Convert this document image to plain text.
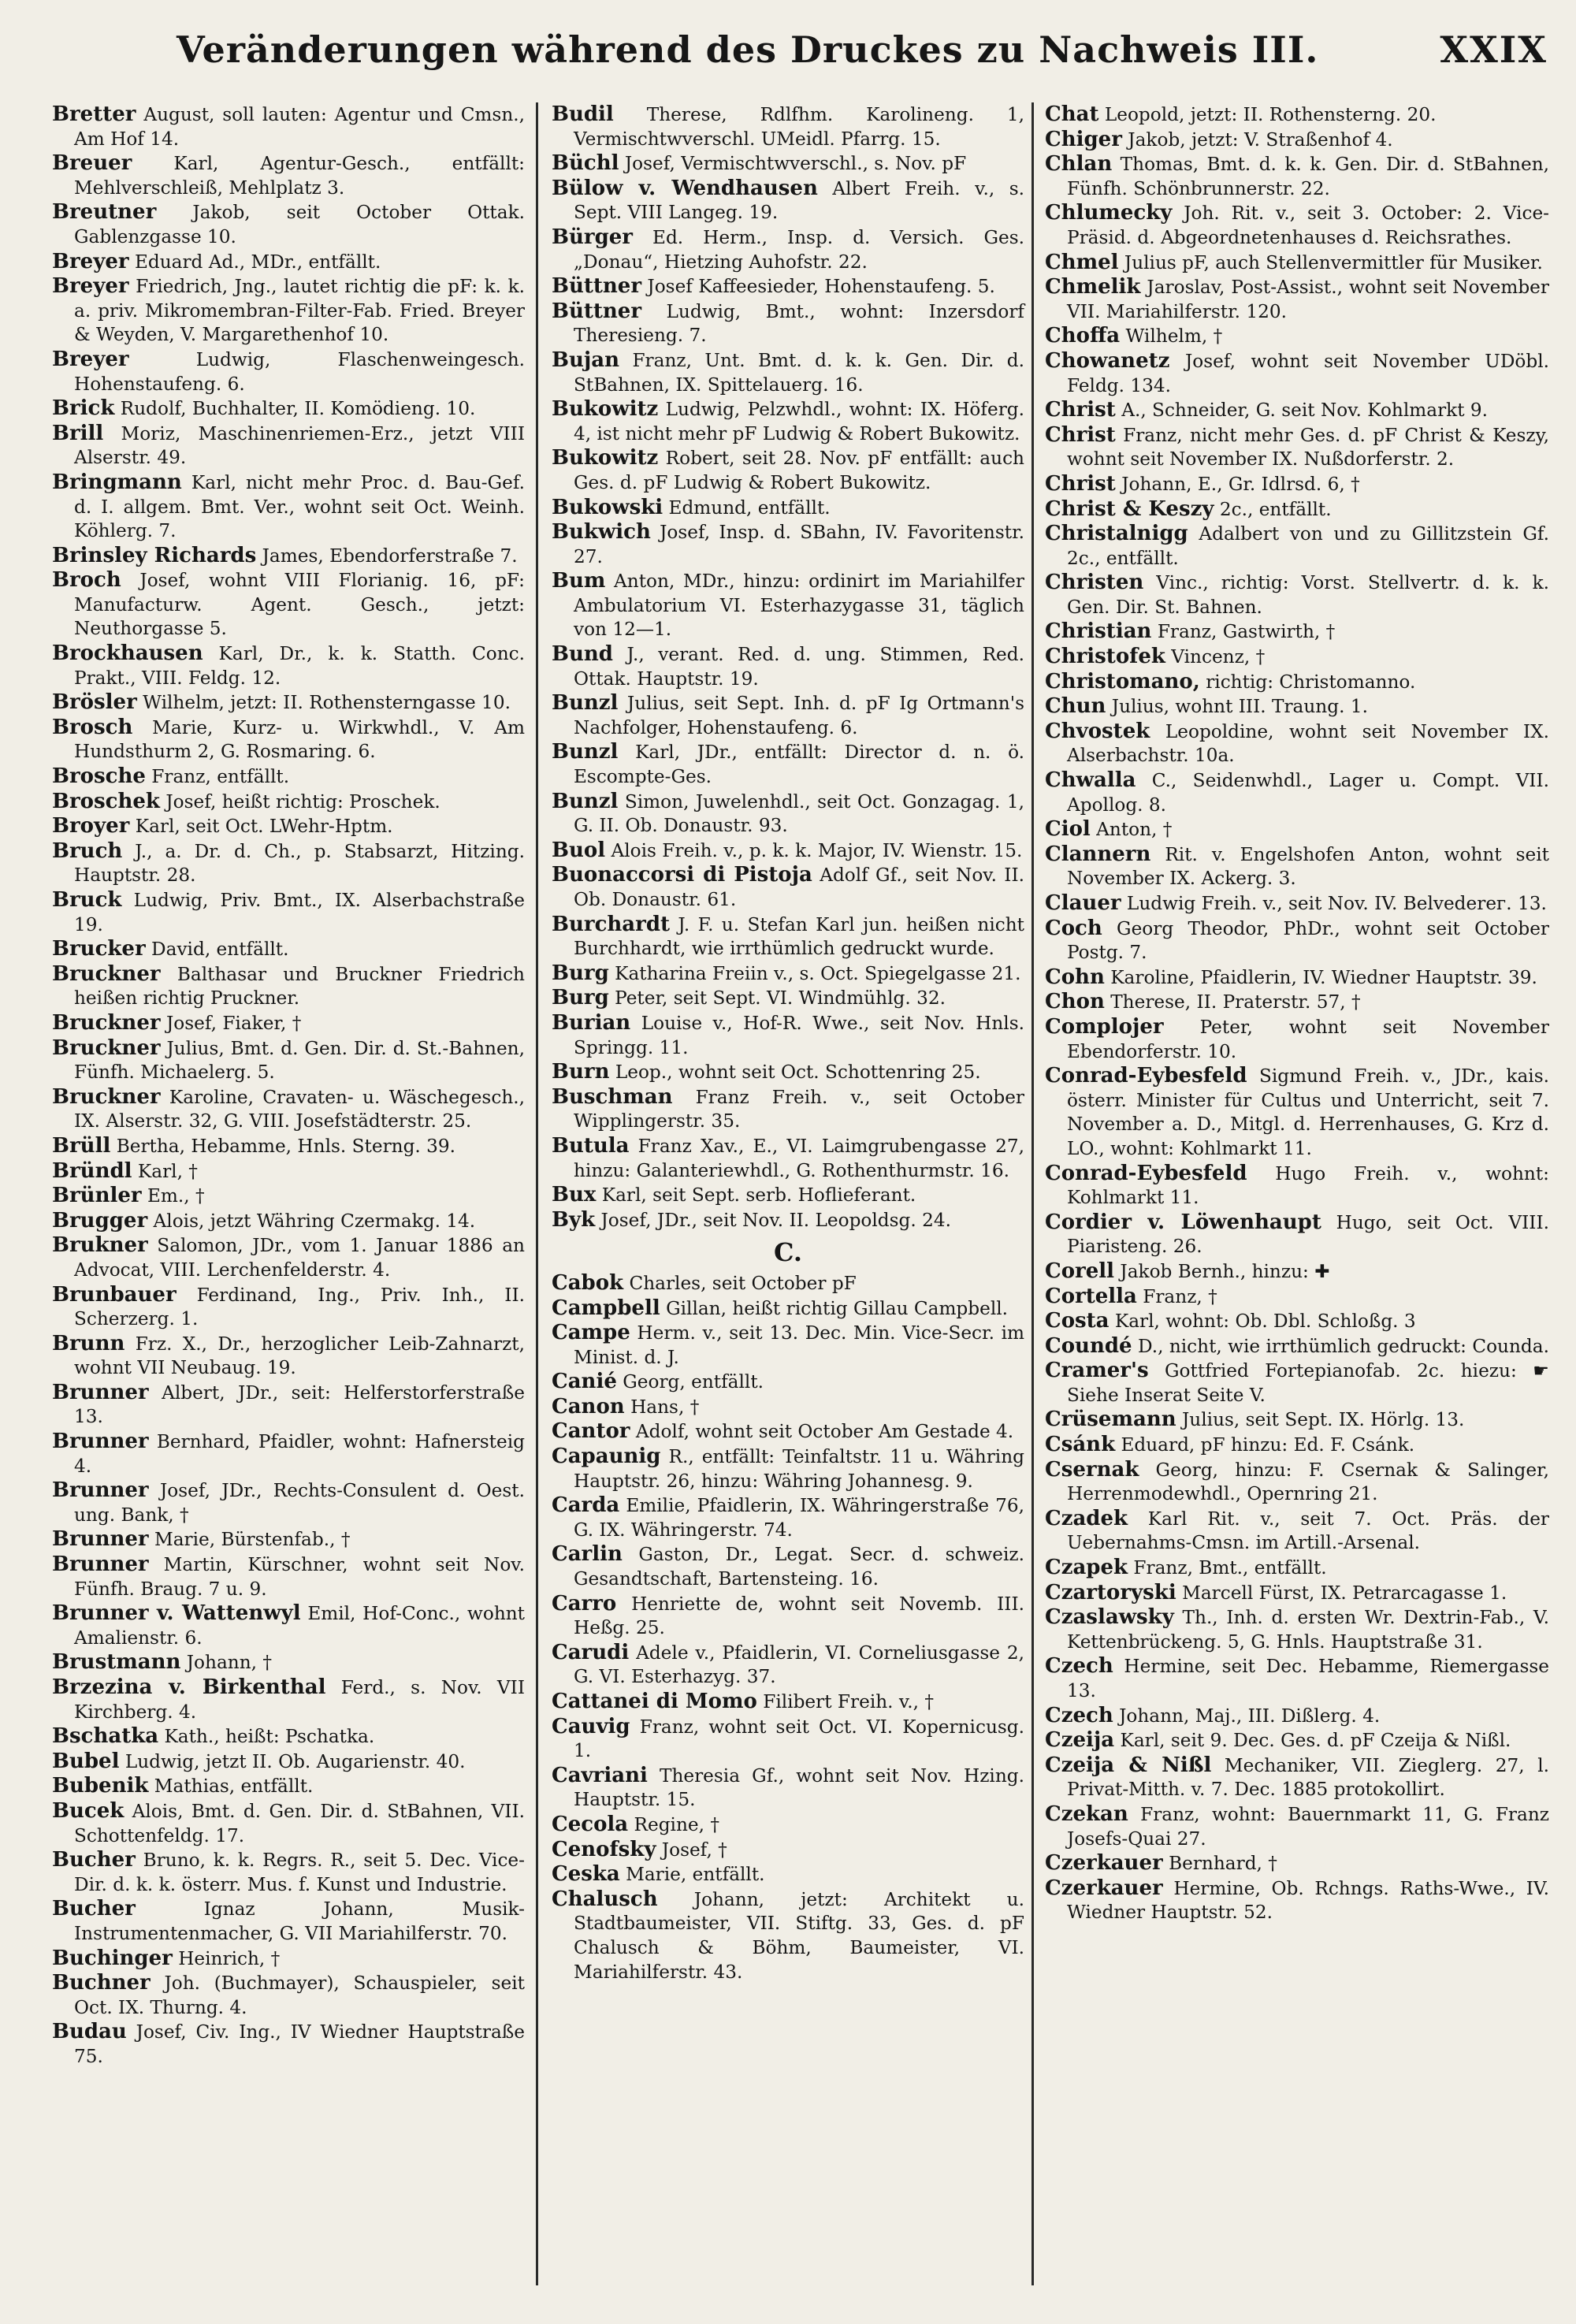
Veränderungen während des Druckes zu Nachweis III.	XXIX
Bretter August, soll lauten: Agentur und Cmsn., Am Hof 14.
Breuer Karl, Agentur-Gesch., entfällt: Mehlverschleiß, Mehlplatz 3.
Breutner Jakob, seit October Ottak. Gablenzgasse 10.
Breyer Eduard Ad., MDr., entfällt.
Breyer Friedrich, Jng., lautet richtig die pF: k. k. a. priv. Mikromembran-Filter-Fab. Fried. Breyer & Weyden, V. Margarethenhof 10.
Breyer Ludwig, Flaschenweingesch. Hohenstaufeng. 6.
Brick Rudolf, Buchhalter, II. Komödieng. 10.
Brill Moriz, Maschinenriemen-Erz., jetzt VIII Alserstr. 49.
Bringmann Karl, nicht mehr Proc. d. Bau-Gef. d. I. allgem. Bmt. Ver., wohnt seit Oct. Weinh. Köhlerg. 7.
Brinsley Richards James, Ebendorferstraße 7.
Broch Josef, wohnt VIII Florianig. 16, pF: Manufacturw. Agent. Gesch., jetzt: Neuthorgasse 5.
Brockhausen Karl, Dr., k. k. Statth. Conc. Prakt., VIII. Feldg. 12.
Brösler Wilhelm, jetzt: II. Rothensterngasse 10.
Brosch Marie, Kurz- u. Wirkwhdl., V. Am Hundsthurm 2, G. Rosmaring. 6.
Brosche Franz, entfällt.
Broschek Josef, heißt richtig: Proschek.
Broyer Karl, seit Oct. LWehr-Hptm.
Bruch J., a. Dr. d. Ch., p. Stabsarzt, Hitzing. Hauptstr. 28.
Bruck Ludwig, Priv. Bmt., IX. Alserbachstraße 19.
Brucker David, entfällt.
Bruckner Balthasar und Bruckner Friedrich heißen richtig Pruckner.
Bruckner Josef, Fiaker, †
Bruckner Julius, Bmt. d. Gen. Dir. d. St.-Bahnen, Fünfh. Michaelerg. 5.
Bruckner Karoline, Cravaten- u. Wäschegesch., IX. Alserstr. 32, G. VIII. Josefstädterstr. 25.
Brüll Bertha, Hebamme, Hnls. Sterng. 39.
Bründl Karl, †
Brünler Em., †
Brugger Alois, jetzt Währing Czermakg. 14.
Brukner Salomon, JDr., vom 1. Januar 1886 an Advocat, VIII. Lerchenfelderstr. 4.
Brunbauer Ferdinand, Ing., Priv. Inh., II. Scherzerg. 1.
Brunn Frz. X., Dr., herzoglicher Leib-Zahnarzt, wohnt VII Neubaug. 19.
Brunner Albert, JDr., seit: Helferstorferstraße 13.
Brunner Bernhard, Pfaidler, wohnt: Hafnersteig 4.
Brunner Josef, JDr., Rechts-Consulent d. Oest. ung. Bank, †
Brunner Marie, Bürstenfab., †
Brunner Martin, Kürschner, wohnt seit Nov. Fünfh. Braug. 7 u. 9.
Brunner v. Wattenwyl Emil, Hof-Conc., wohnt Amalienstr. 6.
Brustmann Johann, †
Brzezina v. Birkenthal Ferd., s. Nov. VII Kirchberg. 4.
Bschatka Kath., heißt: Pschatka.
Bubel Ludwig, jetzt II. Ob. Augarienstr. 40.
Bubenik Mathias, entfällt.
Bucek Alois, Bmt. d. Gen. Dir. d. StBahnen, VII. Schottenfeldg. 17.
Bucher Bruno, k. k. Regrs. R., seit 5. Dec. Vice-Dir. d. k. k. österr. Mus. f. Kunst und Industrie.
Bucher Ignaz Johann, Musik-Instrumentenmacher, G. VII Mariahilferstr. 70.
Buchinger Heinrich, †
Buchner Joh. (Buchmayer), Schauspieler, seit Oct. IX. Thurng. 4.
Budau Josef, Civ. Ing., IV Wiedner Hauptstraße 75.
Budil Therese, Rdlfhm. Karolineng. 1, Vermischtwverschl. UMeidl. Pfarrg. 15.
Büchl Josef, Vermischtwverschl., s. Nov. pF
Bülow v. Wendhausen Albert Freih. v., s. Sept. VIII Langeg. 19.
Bürger Ed. Herm., Insp. d. Versich. Ges. „Donau“, Hietzing Auhofstr. 22.
Büttner Josef Kaffeesieder, Hohenstaufeng. 5.
Büttner Ludwig, Bmt., wohnt: Inzersdorf Theresieng. 7.
Bujan Franz, Unt. Bmt. d. k. k. Gen. Dir. d. StBahnen, IX. Spittelauerg. 16.
Bukowitz Ludwig, Pelzwhdl., wohnt: IX. Höferg. 4, ist nicht mehr pF Ludwig & Robert Bukowitz.
Bukowitz Robert, seit 28. Nov. pF entfällt: auch Ges. d. pF Ludwig & Robert Bukowitz.
Bukowski Edmund, entfällt.
Bukwich Josef, Insp. d. SBahn, IV. Favoritenstr. 27.
Bum Anton, MDr., hinzu: ordinirt im Mariahilfer Ambulatorium VI. Esterhazygasse 31, täglich von 12—1.
Bund J., verant. Red. d. ung. Stimmen, Red. Ottak. Hauptstr. 19.
Bunzl Julius, seit Sept. Inh. d. pF Ig Ortmann's Nachfolger, Hohenstaufeng. 6.
Bunzl Karl, JDr., entfällt: Director d. n. ö. Escompte-Ges.
Bunzl Simon, Juwelenhdl., seit Oct. Gonzagag. 1, G. II. Ob. Donaustr. 93.
Buol Alois Freih. v., p. k. k. Major, IV. Wienstr. 15.
Buonaccorsi di Pistoja Adolf Gf., seit Nov. II. Ob. Donaustr. 61.
Burchardt J. F. u. Stefan Karl jun. heißen nicht Burchhardt, wie irrthümlich gedruckt wurde.
Burg Katharina Freiin v., s. Oct. Spiegelgasse 21.
Burg Peter, seit Sept. VI. Windmühlg. 32.
Burian Louise v., Hof-R. Wwe., seit Nov. Hnls. Springg. 11.
Burn Leop., wohnt seit Oct. Schottenring 25.
Buschman Franz Freih. v., seit October Wipplingerstr. 35.
Butula Franz Xav., E., VI. Laimgrubengasse 27, hinzu: Galanteriewhdl., G. Rothenthurmstr. 16.
Bux Karl, seit Sept. serb. Hoflieferant.
Byk Josef, JDr., seit Nov. II. Leopoldsg. 24.
C.
Cabok Charles, seit October pF
Campbell Gillan, heißt richtig Gillau Campbell.
Campe Herm. v., seit 13. Dec. Min. Vice-Secr. im Minist. d. J.
Canié Georg, entfällt.
Canon Hans, †
Cantor Adolf, wohnt seit October Am Gestade 4.
Capaunig R., entfällt: Teinfaltstr. 11 u. Währing Hauptstr. 26, hinzu: Währing Johannesg. 9.
Carda Emilie, Pfaidlerin, IX. Währingerstraße 76, G. IX. Währingerstr. 74.
Carlin Gaston, Dr., Legat. Secr. d. schweiz. Gesandtschaft, Bartensteing. 16.
Carro Henriette de, wohnt seit Novemb. III. Heßg. 25.
Carudi Adele v., Pfaidlerin, VI. Corneliusgasse 2, G. VI. Esterhazyg. 37.
Cattanei di Momo Filibert Freih. v., †
Cauvig Franz, wohnt seit Oct. VI. Kopernicusg. 1.
Cavriani Theresia Gf., wohnt seit Nov. Hzing. Hauptstr. 15.
Cecola Regine, †
Cenofsky Josef, †
Ceska Marie, entfällt.
Chalusch Johann, jetzt: Architekt u. Stadtbaumeister, VII. Stiftg. 33, Ges. d. pF Chalusch & Böhm, Baumeister, VI. Mariahilferstr. 43.
Chat Leopold, jetzt: II. Rothensterng. 20.
Chiger Jakob, jetzt: V. Straßenhof 4.
Chlan Thomas, Bmt. d. k. k. Gen. Dir. d. StBahnen, Fünfh. Schönbrunnerstr. 22.
Chlumecky Joh. Rit. v., seit 3. October: 2. Vice-Präsid. d. Abgeordnetenhauses d. Reichsrathes.
Chmel Julius pF, auch Stellenvermittler für Musiker.
Chmelik Jaroslav, Post-Assist., wohnt seit November VII. Mariahilferstr. 120.
Choffa Wilhelm, †
Chowanetz Josef, wohnt seit November UDöbl. Feldg. 134.
Christ A., Schneider, G. seit Nov. Kohlmarkt 9.
Christ Franz, nicht mehr Ges. d. pF Christ & Keszy, wohnt seit November IX. Nußdorferstr. 2.
Christ Johann, E., Gr. Idlrsd. 6, †
Christ & Keszy 2c., entfällt.
Christalnigg Adalbert von und zu Gillitzstein Gf. 2c., entfällt.
Christen Vinc., richtig: Vorst. Stellvertr. d. k. k. Gen. Dir. St. Bahnen.
Christian Franz, Gastwirth, †
Christofek Vincenz, †
Christomano, richtig: Christomanno.
Chun Julius, wohnt III. Traung. 1.
Chvostek Leopoldine, wohnt seit November IX. Alserbachstr. 10a.
Chwalla C., Seidenwhdl., Lager u. Compt. VII. Apollog. 8.
Ciol Anton, †
Clannern Rit. v. Engelshofen Anton, wohnt seit November IX. Ackerg. 3.
Clauer Ludwig Freih. v., seit Nov. IV. Belvederег. 13.
Coch Georg Theodor, PhDr., wohnt seit October Postg. 7.
Cohn Karoline, Pfaidlerin, IV. Wiedner Hauptstr. 39.
Chon Therese, II. Praterstr. 57, †
Complojer Peter, wohnt seit November Ebendorferstr. 10.
Conrad-Eybesfeld Sigmund Freih. v., JDr., kais. österr. Minister für Cultus und Unterricht, seit 7. November a. D., Mitgl. d. Herrenhauses, G. Krz d. LO., wohnt: Kohlmarkt 11.
Conrad-Eybesfeld Hugo Freih. v., wohnt: Kohlmarkt 11.
Cordier v. Löwenhaupt Hugo, seit Oct. VIII. Piaristeng. 26.
Corell Jakob Bernh., hinzu: ✚
Cortella Franz, †
Costa Karl, wohnt: Ob. Dbl. Schloßg. 3
Coundé D., nicht, wie irrthümlich gedruckt: Counda.
Cramer's Gottfried Fortepianofab. 2c. hiezu: ☛ Siehe Inserat Seite V.
Crüsemann Julius, seit Sept. IX. Hörlg. 13.
Csánk Eduard, pF hinzu: Ed. F. Csánk.
Csernak Georg, hinzu: F. Csernak & Salinger, Herrenmodewhdl., Opernring 21.
Czadek Karl Rit. v., seit 7. Oct. Präs. der Uebernahms-Cmsn. im Artill.-Arsenal.
Czapek Franz, Bmt., entfällt.
Czartoryski Marcell Fürst, IX. Petrarcagasse 1.
Czaslawsky Th., Inh. d. ersten Wr. Dextrin-Fab., V. Kettenbrückeng. 5, G. Hnls. Hauptstraße 31.
Czech Hermine, seit Dec. Hebamme, Riemergasse 13.
Czech Johann, Maj., III. Dißlerg. 4.
Czeija Karl, seit 9. Dec. Ges. d. pF Czeija & Nißl.
Czeija & Nißl Mechaniker, VII. Zieglerg. 27, l. Privat-Mitth. v. 7. Dec. 1885 protokollirt.
Czekan Franz, wohnt: Bauernmarkt 11, G. Franz Josefs-Quai 27.
Czerkauer Bernhard, †
Czerkauer Hermine, Ob. Rchngs. Raths-Wwe., IV. Wiedner Hauptstr. 52.
